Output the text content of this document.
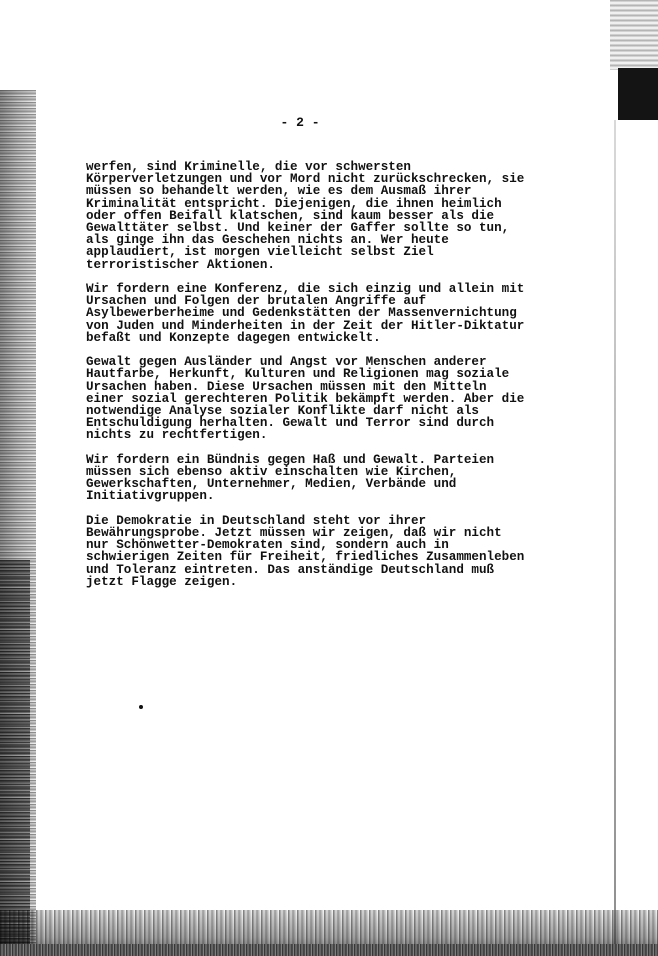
- 2 -
werfen, sind Kriminelle, die vor schwersten
Körperverletzungen und vor Mord nicht zurückschrecken, sie
müssen so behandelt werden, wie es dem Ausmaß ihrer
Kriminalität entspricht. Diejenigen, die ihnen heimlich
oder offen Beifall klatschen, sind kaum besser als die
Gewalttäter selbst. Und keiner der Gaffer sollte so tun,
als ginge ihn das Geschehen nichts an. Wer heute
applaudiert, ist morgen vielleicht selbst Ziel
terroristischer Aktionen.
Wir fordern eine Konferenz, die sich einzig und allein mit
Ursachen und Folgen der brutalen Angriffe auf
Asylbewerberheime und Gedenkstätten der Massenvernichtung
von Juden und Minderheiten in der Zeit der Hitler-Diktatur
befaßt und Konzepte dagegen entwickelt.
Gewalt gegen Ausländer und Angst vor Menschen anderer
Hautfarbe, Herkunft, Kulturen und Religionen mag soziale
Ursachen haben. Diese Ursachen müssen mit den Mitteln
einer sozial gerechteren Politik bekämpft werden. Aber die
notwendige Analyse sozialer Konflikte darf nicht als
Entschuldigung herhalten. Gewalt und Terror sind durch
nichts zu rechtfertigen.
Wir fordern ein Bündnis gegen Haß und Gewalt. Parteien
müssen sich ebenso aktiv einschalten wie Kirchen,
Gewerkschaften, Unternehmer, Medien, Verbände und
Initiativgruppen.
Die Demokratie in Deutschland steht vor ihrer
Bewährungsprobe. Jetzt müssen wir zeigen, daß wir nicht
nur Schönwetter-Demokraten sind, sondern auch in
schwierigen Zeiten für Freiheit, friedliches Zusammenleben
und Toleranz eintreten. Das anständige Deutschland muß
jetzt Flagge zeigen.
